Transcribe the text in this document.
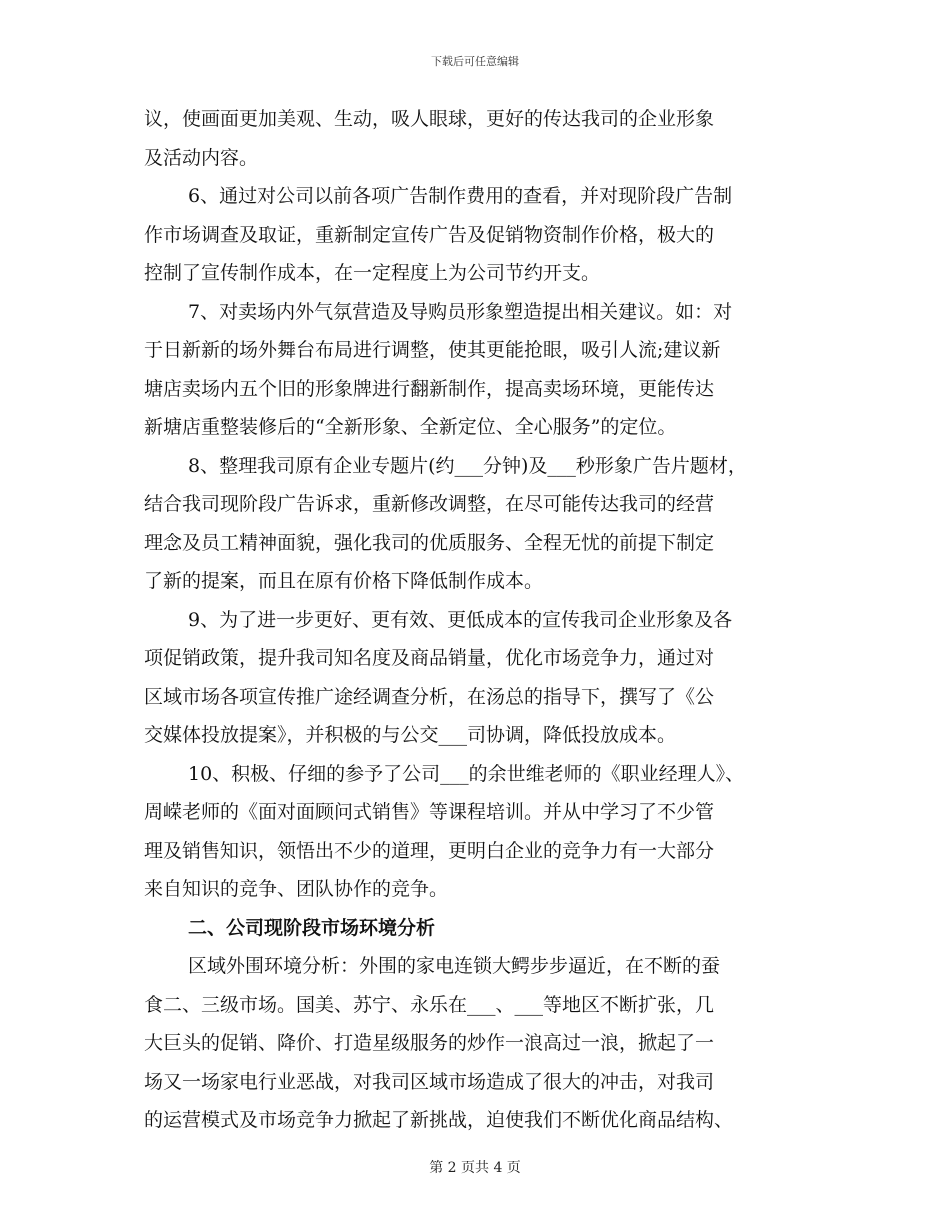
下载后可任意编辑
议，使画面更加美观、生动，吸人眼球，更好的传达我司的企业形象
及活动内容。
6、通过对公司以前各项广告制作费用的查看，并对现阶段广告制
作市场调查及取证，重新制定宣传广告及促销物资制作价格，极大的
控制了宣传制作成本，在一定程度上为公司节约开支。
7、对卖场内外气氛营造及导购员形象塑造提出相关建议。如：对
于日新新的场外舞台布局进行调整，使其更能抢眼，吸引人流;建议新
塘店卖场内五个旧的形象牌进行翻新制作，提高卖场环境，更能传达
新塘店重整装修后的“全新形象、全新定位、全心服务”的定位。
8、整理我司原有企业专题片(约___分钟)及___秒形象广告片题材，
结合我司现阶段广告诉求，重新修改调整，在尽可能传达我司的经营
理念及员工精神面貌，强化我司的优质服务、全程无忧的前提下制定
了新的提案，而且在原有价格下降低制作成本。
9、为了进一步更好、更有效、更低成本的宣传我司企业形象及各
项促销政策，提升我司知名度及商品销量，优化市场竞争力，通过对
区域市场各项宣传推广途经调查分析，在汤总的指导下，撰写了《公
交媒体投放提案》，并积极的与公交___司协调，降低投放成本。
10、积极、仔细的参予了公司___的余世维老师的《职业经理人》、
周嵘老师的《面对面顾问式销售》等课程培训。并从中学习了不少管
理及销售知识，领悟出不少的道理，更明白企业的竞争力有一大部分
来自知识的竞争、团队协作的竞争。
二、公司现阶段市场环境分析
区域外围环境分析：外围的家电连锁大鳄步步逼近，在不断的蚕
食二、三级市场。国美、苏宁、永乐在___、___等地区不断扩张，几
大巨头的促销、降价、打造星级服务的炒作一浪高过一浪，掀起了一
场又一场家电行业恶战，对我司区域市场造成了很大的冲击，对我司
的运营模式及市场竞争力掀起了新挑战，迫使我们不断优化商品结构、
第 2 页共 4 页
